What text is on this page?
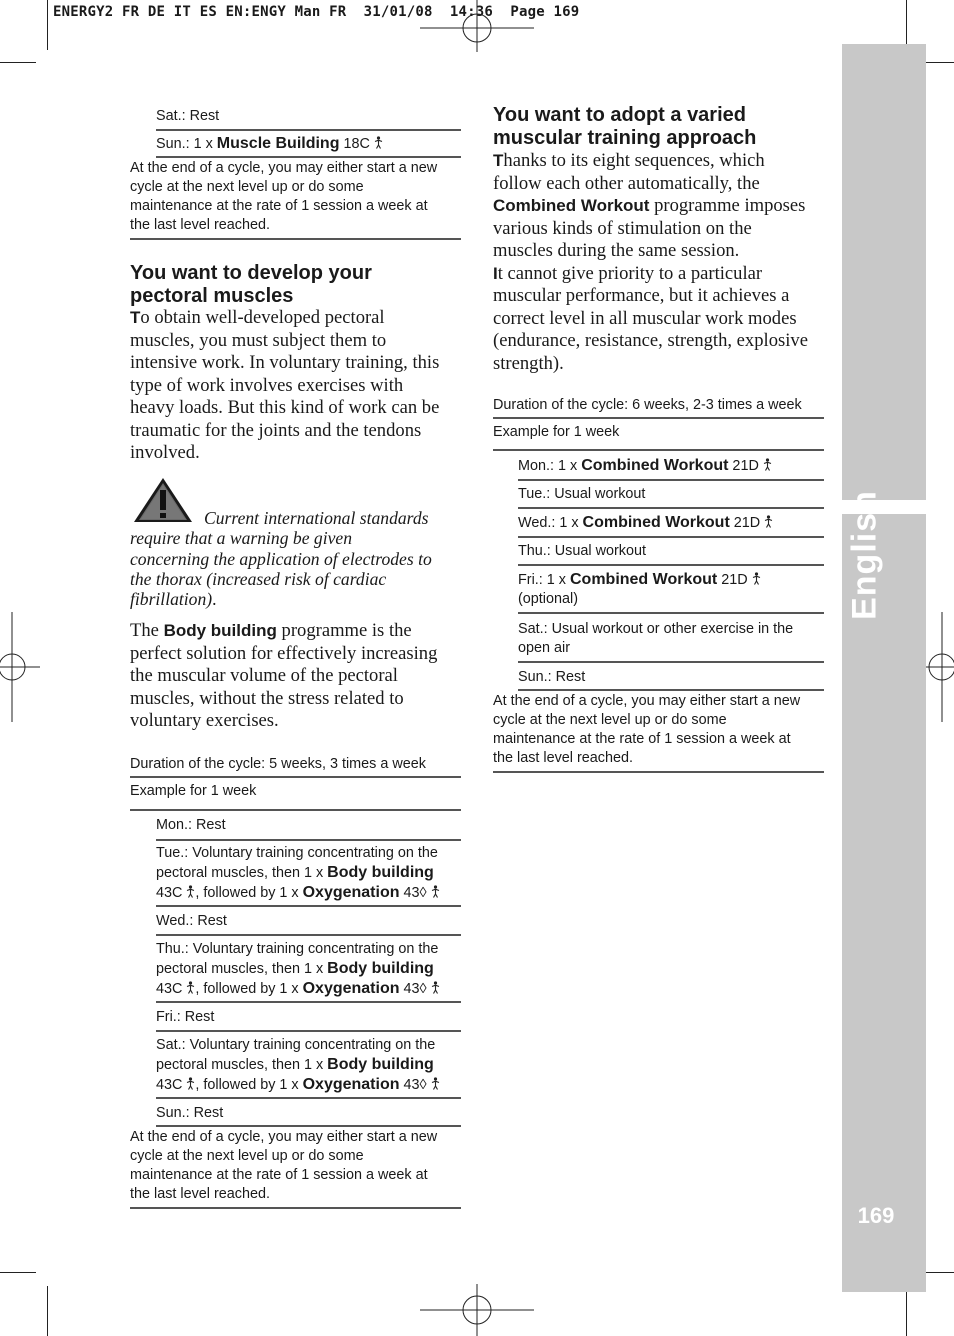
ENERGY2 FR DE IT ES EN:ENGY Man FR  31/01/08  14:36  Page 169
English
169
Sat.: Rest
Sun.: 1 x Muscle Building 18C
At the end of a cycle, you may either start a new
cycle at the next level up or do some
maintenance at the rate of 1 session a week at
the last level reached.
You want to develop your
pectoral muscles
To obtain well-developed pectoral
muscles, you must subject them to
intensive work. In voluntary training, this
type of work involves exercises with
heavy loads. But this kind of work can be
traumatic for the joints and the tendons
involved.
Current international standards
require that a warning be given
concerning the application of electrodes to
the thorax (increased risk of cardiac
fibrillation).
The Body building programme is the
perfect solution for effectively increasing
the muscular volume of the pectoral
muscles, without the stress related to
voluntary exercises.
Duration of the cycle: 5 weeks, 3 times a week
Example for 1 week
Mon.: Rest
Tue.: Voluntary training concentrating on the
pectoral muscles, then 1 x Body building
43C , followed by 1 x Oxygenation 43◊
Wed.: Rest
Thu.: Voluntary training concentrating on the
pectoral muscles, then 1 x Body building
43C , followed by 1 x Oxygenation 43◊
Fri.: Rest
Sat.: Voluntary training concentrating on the
pectoral muscles, then 1 x Body building
43C , followed by 1 x Oxygenation 43◊
Sun.: Rest
At the end of a cycle, you may either start a new
cycle at the next level up or do some
maintenance at the rate of 1 session a week at
the last level reached.
You want to adopt a varied
muscular training approach
Thanks to its eight sequences, which
follow each other automatically, the
Combined Workout programme imposes
various kinds of stimulation on the
muscles during the same session.
It cannot give priority to a particular
muscular performance, but it achieves a
correct level in all muscular work modes
(endurance, resistance, strength, explosive
strength).
Duration of the cycle: 6 weeks, 2-3 times a week
Example for 1 week
Mon.: 1 x Combined Workout 21D
Tue.: Usual workout
Wed.: 1 x Combined Workout 21D
Thu.: Usual workout
Fri.: 1 x Combined Workout 21D
(optional)
Sat.: Usual workout or other exercise in the
open air
Sun.: Rest
At the end of a cycle, you may either start a new
cycle at the next level up or do some
maintenance at the rate of 1 session a week at
the last level reached.
